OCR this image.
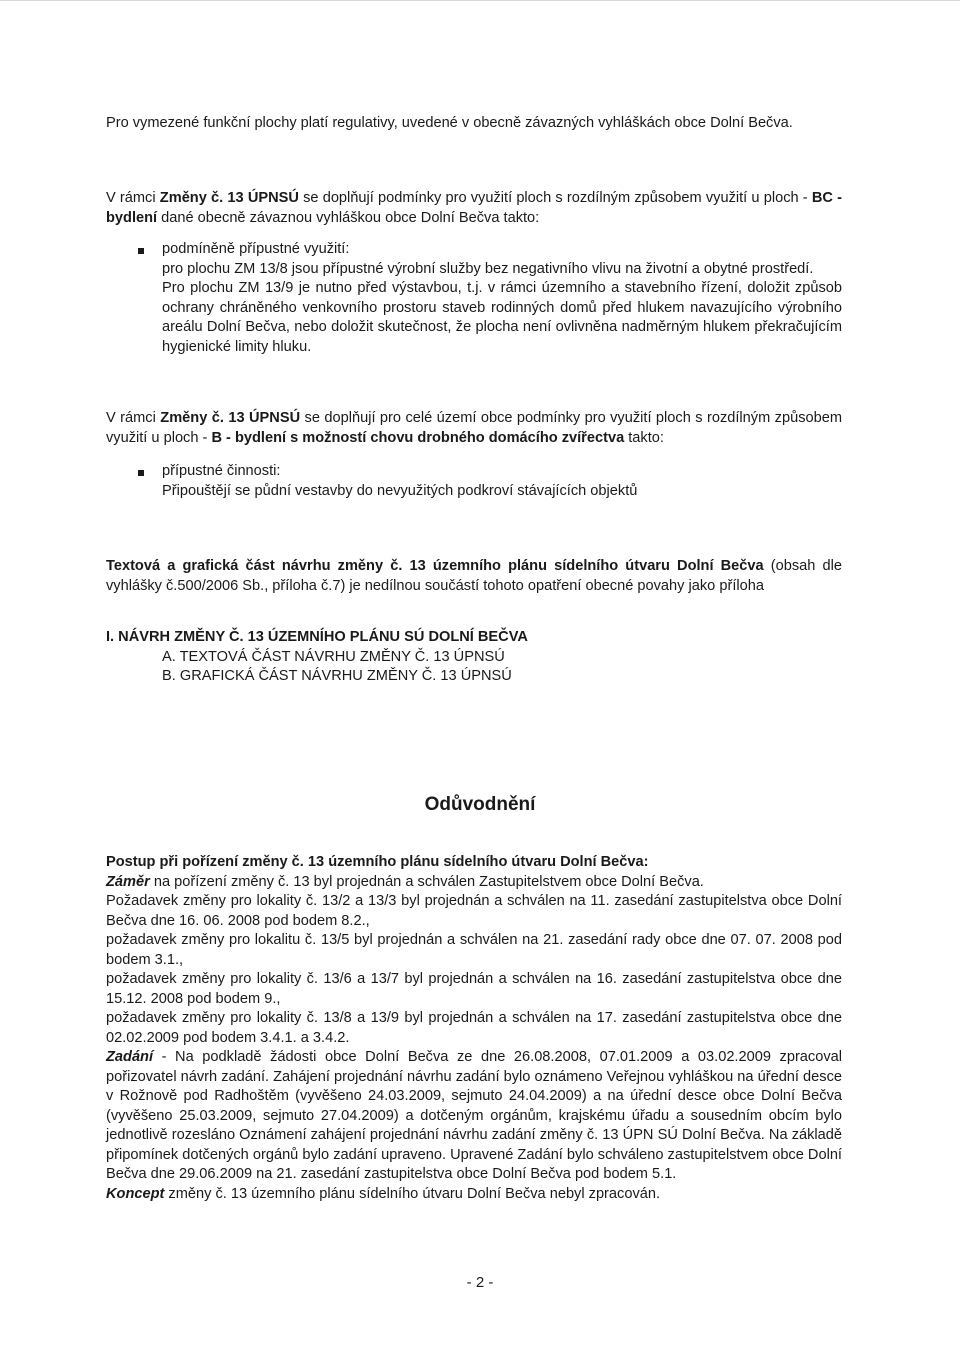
Pro vymezené funkční plochy platí regulativy, uvedené v obecně závazných vyhláškách obce Dolní Bečva.

V rámci Změny č. 13 ÚPNSÚ se doplňují podmínky pro využití ploch s rozdílným způsobem využití u ploch - BC - bydlení dané obecně závaznou vyhláškou obce Dolní Bečva takto:

podmíněně přípustné využití:
pro plochu ZM 13/8 jsou přípustné výrobní služby bez negativního vlivu na životní a obytné prostředí.
Pro plochu ZM 13/9 je nutno před výstavbou, t.j. v rámci územního a stavebního řízení, doložit způsob ochrany chráněného venkovního prostoru staveb rodinných domů před hlukem navazujícího výrobního areálu Dolní Bečva, nebo doložit skutečnost, že plocha není ovlivněna nadměrným hlukem překračujícím hygienické limity hluku.

V rámci Změny č. 13 ÚPNSÚ se doplňují pro celé území obce podmínky pro využití ploch s rozdílným způsobem využití u ploch - B - bydlení s možností chovu drobného domácího zvířectva takto:

přípustné činnosti:
Připouštějí se půdní vestavby do nevyužitých podkroví stávajících objektů

Textová a grafická část návrhu změny č. 13 územního plánu sídelního útvaru Dolní Bečva (obsah dle vyhlášky č.500/2006 Sb., příloha č.7) je nedílnou součástí tohoto opatření obecné povahy jako příloha

I. NÁVRH ZMĚNY Č. 13 ÚZEMNÍHO PLÁNU SÚ DOLNÍ BEČVA
A. TEXTOVÁ ČÁST NÁVRHU ZMĚNY Č. 13 ÚPNSÚ
B. GRAFICKÁ ČÁST NÁVRHU ZMĚNY Č. 13 ÚPNSÚ
Odůvodnění

Postup při pořízení změny č. 13 územního plánu sídelního útvaru Dolní Bečva:

Záměr na pořízení změny č. 13 byl projednán a schválen Zastupitelstvem obce Dolní Bečva.

Požadavek změny pro lokality č. 13/2 a 13/3 byl projednán a schválen na 11. zasedání zastupitelstva obce Dolní Bečva dne 16. 06. 2008 pod bodem 8.2.,

požadavek změny pro lokalitu č. 13/5 byl projednán a schválen na 21. zasedání rady obce dne 07. 07. 2008 pod bodem 3.1.,

požadavek změny pro lokality č. 13/6 a 13/7 byl projednán a schválen na 16. zasedání zastupitelstva obce dne 15.12. 2008 pod bodem 9.,

požadavek změny pro lokality č. 13/8 a 13/9 byl projednán a schválen na 17. zasedání zastupitelstva obce dne 02.02.2009 pod bodem 3.4.1. a 3.4.2.

Zadání - Na podkladě žádosti obce Dolní Bečva ze dne 26.08.2008, 07.01.2009 a 03.02.2009 zpracoval pořizovatel návrh zadání. Zahájení projednání návrhu zadání bylo oznámeno Veřejnou vyhláškou na úřední desce v Rožnově pod Radhoštěm (vyvěšeno 24.03.2009, sejmuto 24.04.2009) a na úřední desce obce Dolní Bečva (vyvěšeno 25.03.2009, sejmuto 27.04.2009) a dotčeným orgánům, krajskému úřadu a sousedním obcím bylo jednotlivě rozesláno Oznámení zahájení projednání návrhu zadání změny č. 13 ÚPN SÚ Dolní Bečva. Na základě připomínek dotčených orgánů bylo zadání upraveno. Upravené Zadání bylo schváleno zastupitelstvem obce Dolní Bečva dne 29.06.2009 na 21. zasedání zastupitelstva obce Dolní Bečva pod bodem 5.1.

Koncept změny č. 13 územního plánu sídelního útvaru Dolní Bečva nebyl zpracován.

- 2 -
